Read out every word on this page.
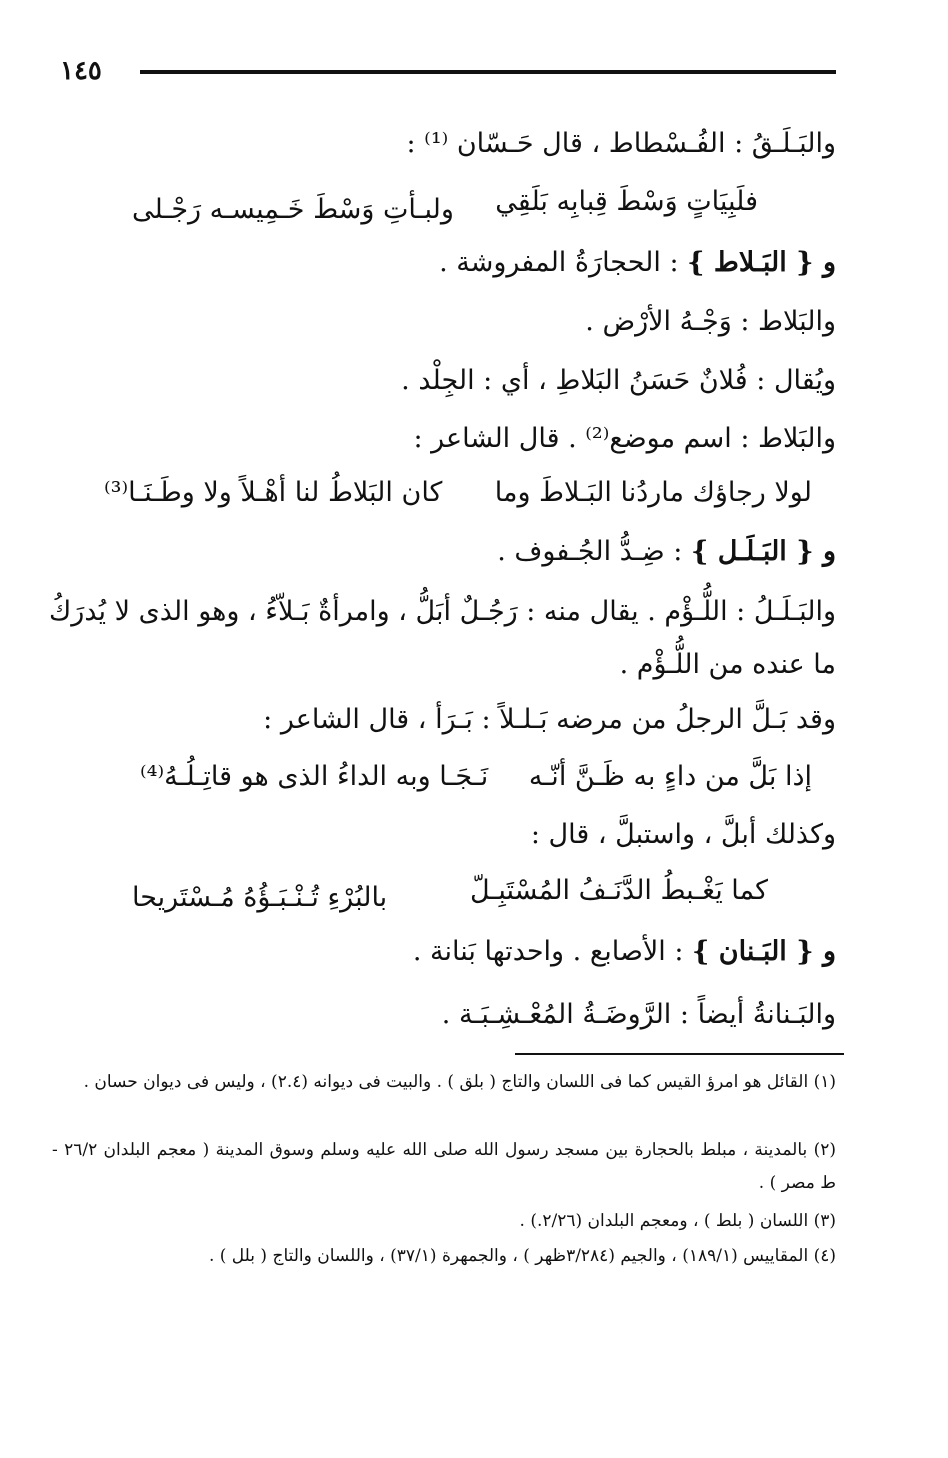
١٤٥
والبَـلَـقُ : الفُـسْطاط ، قال حَـسّان ⁽¹⁾ :
فلَبِيَاتٍ وَسْطَ قِبابِه بَلَقِي
ولبـأتِ وَسْطَ خَـمِيسـه رَجْـلى
و { البَـلاط } : الحجارَةُ المفروشة .
والبَلاط : وَجْـهُ الأرْض .
ويُقال : فُلانٌ حَسَنُ البَلاطِ ، أي : الجِلْد .
والبَلاط : اسم موضع⁽²⁾ . قال الشاعر :
لولا رجاؤك ماردُنا البَـلاطَ وما
كان البَلاطُ لنا أهْـلاً ولا وطَـنَـا⁽³⁾
و { البَـلَـل } : ضِـدُّ الجُـفوف .
والبَـلَـلُ : اللُّـؤْم . يقال منه : رَجُـلٌ أبَلُّ ، وامرأةٌ بَـلاّءُ ، وهو الذى لا يُدرَكُ
ما عنده من اللُّـؤْم .
وقد بَـلَّ الرجلُ من مرضه بَـلـلاً : بَـرَأ ، قال الشاعر :
إذا بَلَّ من داءٍ به ظَـنَّ أنّـه
نَـجَـا وبه الداءُ الذى هو قاتِـلُـهُ⁽⁴⁾
وكذلك أبلَّ ، واستبلَّ ، قال :
كما يَغْـبطُ الدَّنَـفُ المُسْتَبِـلّ
بالبُرْءِ تُـنْـبَـؤُهُ مُـسْتَريحا
و { البَـنان } : الأصابع . واحدتها بَنانة .
والبَـنانةُ أيضاً : الرَّوضَـةُ المُعْـشِـبَـة .
(١) القائل هو امرؤ القيس كما فى اللسان والتاج ( بلق ) . والبيت فى ديوانه (٢.٤) ، وليس فى ديوان حسان .
(٢) بالمدينة ، مبلط بالحجارة بين مسجد رسول الله صلى الله عليه وسلم وسوق المدينة ( معجم البلدان ٢٦/٢ - ط مصر ) .
(٣) اللسان ( بلط ) ، ومعجم البلدان (٢/٢٦.) .
(٤) المقاييس (١٨٩/١) ، والجيم (٣/٢٨٤ظهر ) ، والجمهرة (٣٧/١) ، واللسان والتاج ( بلل ) .
